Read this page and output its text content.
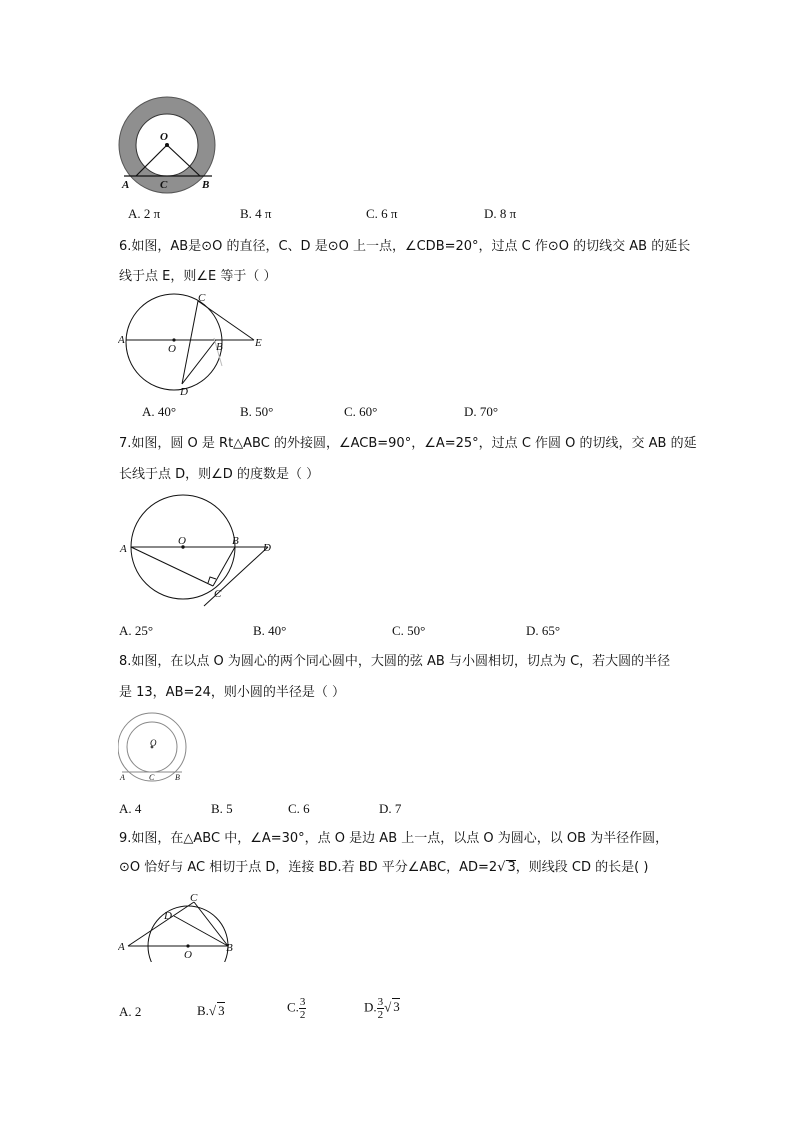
O
A	C	B
A. 2 π	B. 4 π	C. 6 π	D. 8 π
6.如图，AB是⊙O 的直径，C、D 是⊙O 上一点，∠CDB=20°，过点 C 作⊙O 的切线交 AB 的延长
线于点 E，则∠E 等于（ ）
A
O	B	E
C
D
A. 40°	B. 50°	C. 60°	D. 70°
7.如图，圆 O 是 Rt△ABC 的外接圆，∠ACB=90°，∠A=25°，过点 C 作圆 O 的切线，交 AB 的延
长线于点 D，则∠D 的度数是（ ）
A
O	B
D
C
A. 25°	B. 40°	C. 50°	D. 65°
8.如图，在以点 O 为圆心的两个同心圆中，大圆的弦 AB 与小圆相切，切点为 C，若大圆的半径
是 13，AB=24，则小圆的半径是（ ）
O
A	C	B
A. 4	B. 5	C. 6	D. 7
9.如图，在△ABC 中，∠A=30°，点 O 是边 AB 上一点，以点 O 为圆心，以 OB 为半径作圆，
⊙O 恰好与 AC 相切于点 D，连接 BD.若 BD 平分∠ABC，AD=2√ 3，则线段 CD 的长是( )
A
D
C
O
B
A. 2	B.√ 3	C. $\frac{3}{2}$	D. $\frac{3}{2}$ √ 3
